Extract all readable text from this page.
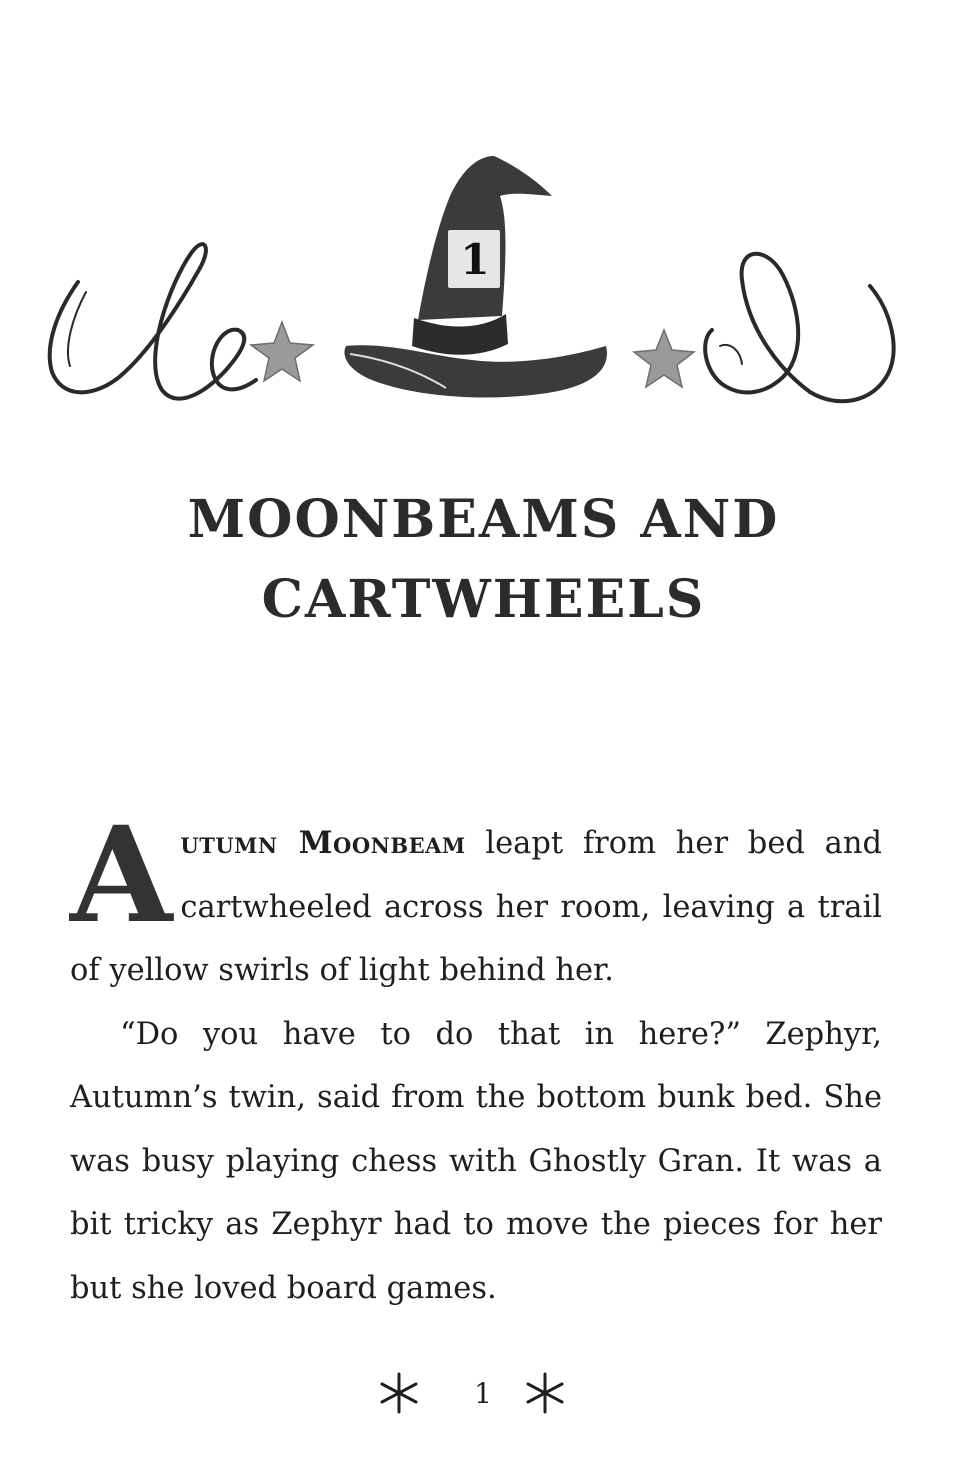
1
MOONBEAMS AND
CARTWHEELS

Autumn Moonbeam leapt from her bed and cartwheeled across her room, leaving a trail of yellow swirls of light behind her.

“Do you have to do that in here?” Zephyr, Autumn’s twin, said from the bottom bunk bed. She was busy playing chess with Ghostly Gran. It was a bit tricky as Zephyr had to move the pieces for her but she loved board games.

1
